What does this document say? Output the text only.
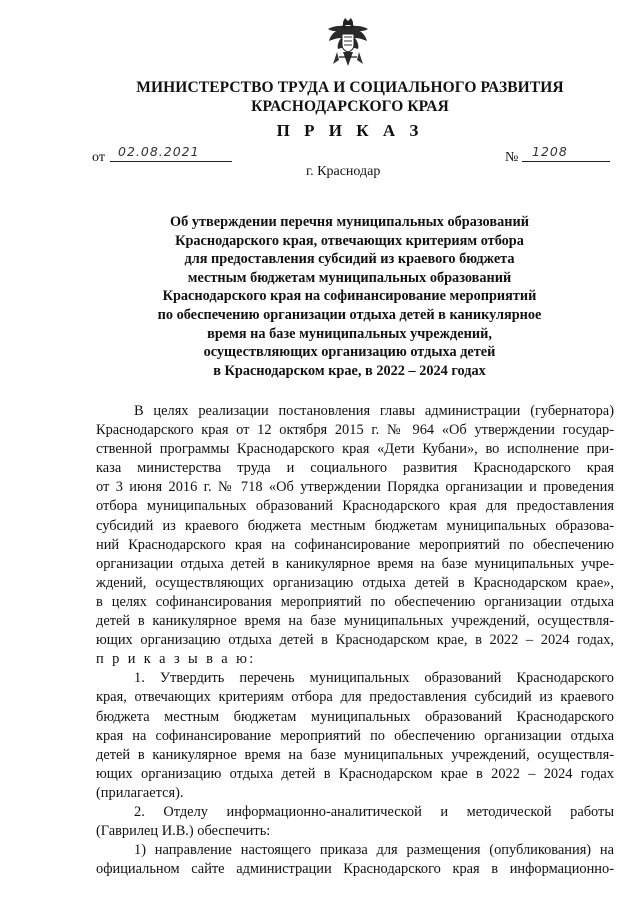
МИНИСТЕРСТВО ТРУДА И СОЦИАЛЬНОГО РАЗВИТИЯ
КРАСНОДАРСКОГО КРАЯ
П Р И К А З
от	02.08.2021
г. Краснодар
№	1208
Об утверждении перечня муниципальных образований
Краснодарского края, отвечающих критериям отбора
для предоставления субсидий из краевого бюджета
местным бюджетам муниципальных образований
Краснодарского края на софинансирование мероприятий
по обеспечению организации отдыха детей в каникулярное
время на базе муниципальных учреждений,
осуществляющих организацию отдыха детей
в Краснодарском крае, в 2022 – 2024 годах
В целях реализации постановления главы администрации (губернатора)
Краснодарского края от 12 октября 2015 г. № 964 «Об утверждении государ-
ственной программы Краснодарского края «Дети Кубани», во исполнение при-
каза министерства труда и социального развития Краснодарского края
от 3 июня 2016 г. № 718 «Об утверждении Порядка организации и проведения
отбора муниципальных образований Краснодарского края для предоставления
субсидий из краевого бюджета местным бюджетам муниципальных образова-
ний Краснодарского края на софинансирование мероприятий по обеспечению
организации отдыха детей в каникулярное время на базе муниципальных учре-
ждений, осуществляющих организацию отдыха детей в Краснодарском крае»,
в целях софинансирования мероприятий по обеспечению организации отдыха
детей в каникулярное время на базе муниципальных учреждений, осуществля-
ющих организацию отдыха детей в Краснодарском крае, в 2022 – 2024 годах,
п р и к а з ы в а ю:
1. Утвердить перечень муниципальных образований Краснодарского
края, отвечающих критериям отбора для предоставления субсидий из краевого
бюджета местным бюджетам муниципальных образований Краснодарского
края на софинансирование мероприятий по обеспечению организации отдыха
детей в каникулярное время на базе муниципальных учреждений, осуществля-
ющих организацию отдыха детей в Краснодарском крае в 2022 – 2024 годах
(прилагается).
2. Отделу информационно-аналитической и методической работы
(Гаврилец И.В.) обеспечить:
1) направление настоящего приказа для размещения (опубликования) на
официальном сайте администрации Краснодарского края в информационно-
